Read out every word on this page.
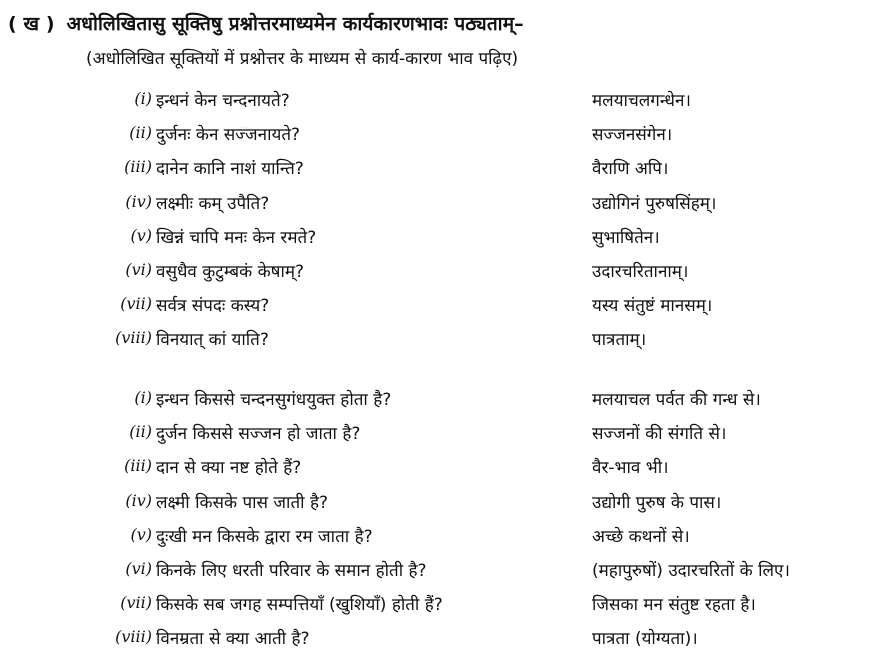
( ख ) अधोलिखितासु सूक्तिषु प्रश्नोत्तरमाध्यमेन कार्यकारणभावः पठ्यताम्–
(अधोलिखित सूक्तियों में प्रश्नोत्तर के माध्यम से कार्य-कारण भाव पढ़िए)
(i) इन्धनं केन चन्दनायते?	मलयाचलगन्धेन।
(ii) दुर्जनः केन सज्जनायते?	सज्जनसंगेन।
(iii) दानेन कानि नाशं यान्ति?	वैराणि अपि।
(iv) लक्ष्मीः कम् उपैति?	उद्योगिनं पुरुषसिंहम्।
(v) खिन्नं चापि मनः केन रमते?	सुभाषितेन।
(vi) वसुधैव कुटुम्बकं केषाम्?	उदारचरितानाम्।
(vii) सर्वत्र संपदः कस्य?	यस्य संतुष्टं मानसम्।
(viii) विनयात् कां याति?	पात्रताम्।
(i) इन्धन किससे चन्दनसुगंधयुक्त होता है?	मलयाचल पर्वत की गन्ध से।
(ii) दुर्जन किससे सज्जन हो जाता है?	सज्जनों की संगति से।
(iii) दान से क्या नष्ट होते हैं?	वैर-भाव भी।
(iv) लक्ष्मी किसके पास जाती है?	उद्योगी पुरुष के पास।
(v) दुःखी मन किसके द्वारा रम जाता है?	अच्छे कथनों से।
(vi) किनके लिए धरती परिवार के समान होती है?	(महापुरुषों) उदारचरितों के लिए।
(vii) किसके सब जगह सम्पत्तियाँ (खुशियाँ) होती हैं?	जिसका मन संतुष्ट रहता है।
(viii) विनम्रता से क्या आती है?	पात्रता (योग्यता)।
